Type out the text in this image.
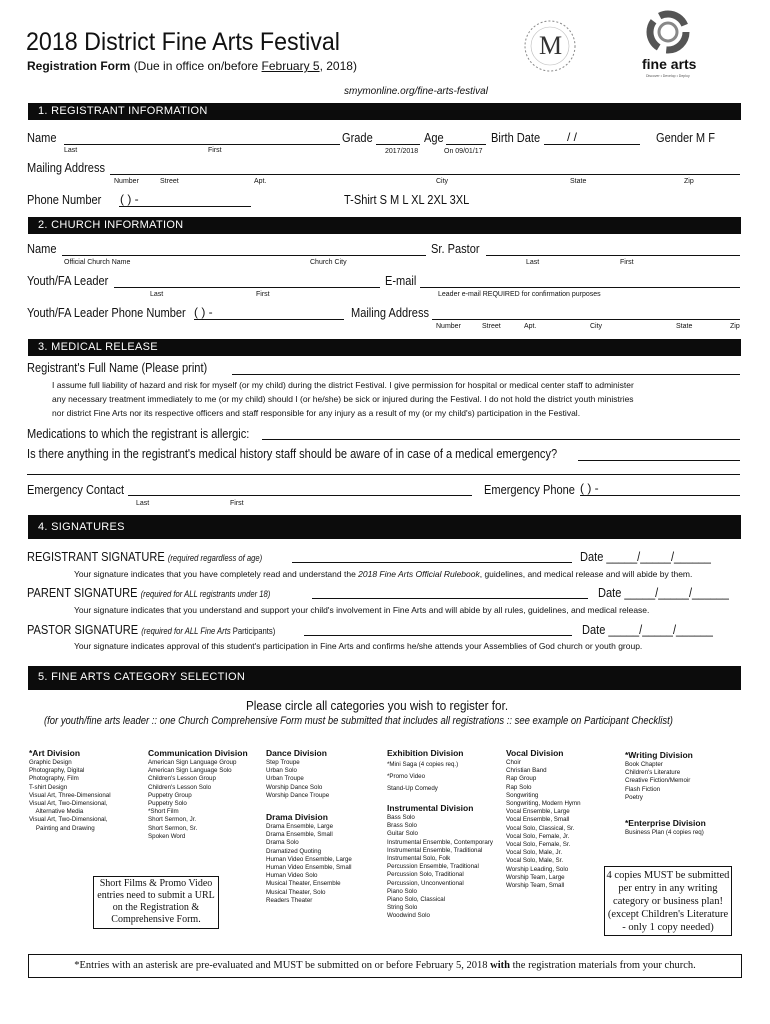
2018 District Fine Arts Festival
Registration Form (Due in office on/before February 5, 2018)
M
fine arts
Discover • Develop • Deploy
smymonline.org/fine-arts-festival
1. REGISTRANT INFORMATION
Name
Last	First
Grade
2017/2018
Age
On 09/01/17
Birth Date / /	Gender M F
Mailing Address
Number	Street	Apt.	City	State	Zip
Phone Number ( ) -	T-Shirt S M L XL 2XL 3XL
2. CHURCH INFORMATION
Name
Official Church Name	Church City
Sr. Pastor
Last	First
Youth/FA Leader
Last	First
E-mail
Leader e-mail REQUIRED for confirmation purposes
Youth/FA Leader Phone Number ( ) -	Mailing Address
Number	Street	Apt.	City	State	Zip
3. MEDICAL RELEASE
Registrant's Full Name (Please print)
I assume full liability of hazard and risk for myself (or my child) during the district Festival. I give permission for hospital or medical center staff to administer
any necessary treatment immediately to me (or my child) should I (or he/she) be sick or injured during the Festival. I do not hold the district youth ministries
nor district Fine Arts nor its respective officers and staff responsible for any injury as a result of my (or my child's) participation in the Festival.
Medications to which the registrant is allergic:
Is there anything in the registrant's medical history staff should be aware of in case of a medical emergency?
Emergency Contact
Last	First
Emergency Phone ( ) -
4. SIGNATURES
REGISTRANT SIGNATURE (required regardless of age)	Date _____/_____/______
Your signature indicates that you have completely read and understand the 2018 Fine Arts Official Rulebook, guidelines, and medical release and will abide by them.
PARENT SIGNATURE (required for ALL registrants under 18)	Date _____/_____/______
Your signature indicates that you understand and support your child's involvement in Fine Arts and will abide by all rules, guidelines, and medical release.
PASTOR SIGNATURE (required for ALL Fine Arts Participants)	Date _____/_____/______
Your signature indicates approval of this student's participation in Fine Arts and confirms he/she attends your Assemblies of God church or youth group.
5. FINE ARTS CATEGORY SELECTION
Please circle all categories you wish to register for.
(for youth/fine arts leader :: one Church Comprehensive Form must be submitted that includes all registrations :: see example on Participant Checklist)
*Art Division
Graphic Design
Photography, Digital
Photography, Film
T-shirt Design
Visual Art, Three-Dimensional
Visual Art, Two-Dimensional,
Alternative Media
Visual Art, Two-Dimensional,
Painting and Drawing
Communication Division
American Sign Language Group
American Sign Language Solo
Children's Lesson Group
Children's Lesson Solo
Puppetry Group
Puppetry Solo
*Short Film
Short Sermon, Jr.
Short Sermon, Sr.
Spoken Word
Dance Division
Step Troupe
Urban Solo
Urban Troupe
Worship Dance Solo
Worship Dance Troupe
Drama Division
Drama Ensemble, Large
Drama Ensemble, Small
Drama Solo
Dramatized Quoting
Human Video Ensemble, Large
Human Video Ensemble, Small
Human Video Solo
Musical Theater, Ensemble
Musical Theater, Solo
Readers Theater
Exhibition Division
*Mini Saga (4 copies req.)
*Promo Video
Stand-Up Comedy
Instrumental Division
Bass Solo
Brass Solo
Guitar Solo
Instrumental Ensemble, Contemporary
Instrumental Ensemble, Traditional
Instrumental Solo, Folk
Percussion Ensemble, Traditional
Percussion Solo, Traditional
Percussion, Unconventional
Piano Solo
Piano Solo, Classical
String Solo
Woodwind Solo
Vocal Division
Choir
Christian Band
Rap Group
Rap Solo
Songwriting
Songwriting, Modern Hymn
Vocal Ensemble, Large
Vocal Ensemble, Small
Vocal Solo, Classical, Sr.
Vocal Solo, Female, Jr.
Vocal Solo, Female, Sr.
Vocal Solo, Male, Jr.
Vocal Solo, Male, Sr.
Worship Leading, Solo
Worship Team, Large
Worship Team, Small
*Writing Division
Book Chapter
Children's Literature
Creative Fiction/Memoir
Flash Fiction
Poetry
*Enterprise Division
Business Plan (4 copies req)
Short Films & Promo Video
entries need to submit a URL
on the Registration &
Comprehensive Form.
4 copies MUST be submitted
per entry in any writing
category or business plan!
(except Children's Literature
- only 1 copy needed)
*Entries with an asterisk are pre-evaluated and MUST be submitted on or before February 5, 2018 with the registration materials from your church.
